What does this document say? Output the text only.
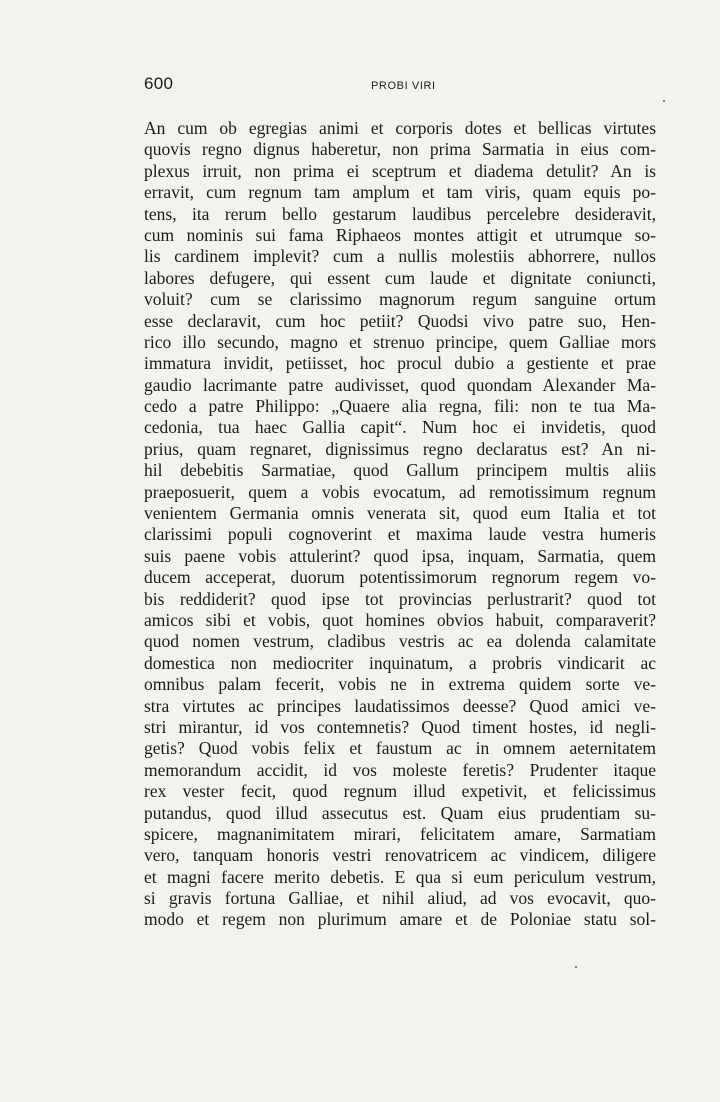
600	PROBI VIRI
An cum ob egregias animi et corporis dotes et bellicas virtutes
quovis regno dignus haberetur, non prima Sarmatia in eius com-
plexus irruit, non prima ei sceptrum et diadema detulit? An is
erravit, cum regnum tam amplum et tam viris, quam equis po-
tens, ita rerum bello gestarum laudibus percelebre desideravit,
cum nominis sui fama Riphaeos montes attigit et utrumque so-
lis cardinem implevit? cum a nullis molestiis abhorrere, nullos
labores defugere, qui essent cum laude et dignitate coniuncti,
voluit? cum se clarissimo magnorum regum sanguine ortum
esse declaravit, cum hoc petiit? Quodsi vivo patre suo, Hen-
rico illo secundo, magno et strenuo principe, quem Galliae mors
immatura invidit, petiisset, hoc procul dubio a gestiente et prae
gaudio lacrimante patre audivisset, quod quondam Alexander Ma-
cedo a patre Philippo: „Quaere alia regna, fili: non te tua Ma-
cedonia, tua haec Gallia capit“. Num hoc ei invidetis, quod
prius, quam regnaret, dignissimus regno declaratus est? An ni-
hil debebitis Sarmatiae, quod Gallum principem multis aliis
praeposuerit, quem a vobis evocatum, ad remotissimum regnum
venientem Germania omnis venerata sit, quod eum Italia et tot
clarissimi populi cognoverint et maxima laude vestra humeris
suis paene vobis attulerint? quod ipsa, inquam, Sarmatia, quem
ducem acceperat, duorum potentissimorum regnorum regem vo-
bis reddiderit? quod ipse tot provincias perlustrarit? quod tot
amicos sibi et vobis, quot homines obvios habuit, comparaverit?
quod nomen vestrum, cladibus vestris ac ea dolenda calamitate
domestica non mediocriter inquinatum, a probris vindicarit ac
omnibus palam fecerit, vobis ne in extrema quidem sorte ve-
stra virtutes ac principes laudatissimos deesse? Quod amici ve-
stri mirantur, id vos contemnetis? Quod timent hostes, id negli-
getis? Quod vobis felix et faustum ac in omnem aeternitatem
memorandum accidit, id vos moleste feretis? Prudenter itaque
rex vester fecit, quod regnum illud expetivit, et felicissimus
putandus, quod illud assecutus est. Quam eius prudentiam su-
spicere, magnanimitatem mirari, felicitatem amare, Sarmatiam
vero, tanquam honoris vestri renovatricem ac vindicem, diligere
et magni facere merito debetis. E qua si eum periculum vestrum,
si gravis fortuna Galliae, et nihil aliud, ad vos evocavit, quo-
modo et regem non plurimum amare et de Poloniae statu sol-
